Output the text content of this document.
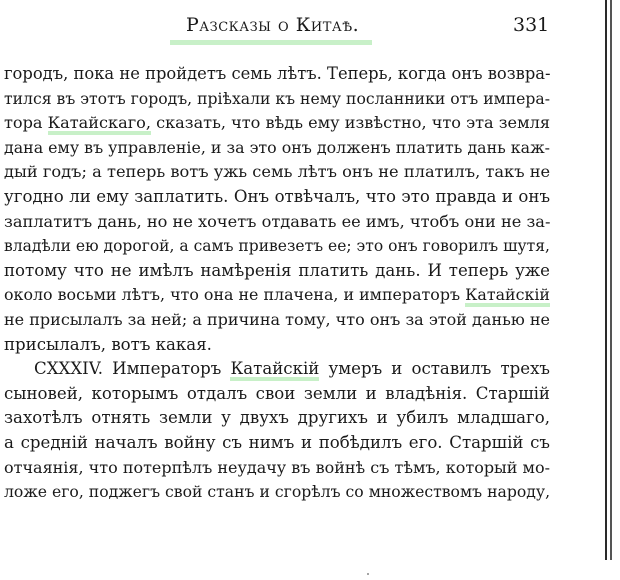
Разсказы о Китаѣ.	331
городъ, пока не пройдетъ семь лѣтъ. Теперь, когда онъ возвра-
тился въ этотъ городъ, пріѣхали къ нему посланники отъ импера-
тора Катайскаго, сказать, что вѣдь ему извѣстно, что эта земля
дана ему въ управленіе, и за это онъ долженъ платить дань каж-
дый годъ; а теперь вотъ ужь семь лѣтъ онъ не платилъ, такъ не
угодно ли ему заплатить. Онъ отвѣчалъ, что это правда и онъ
заплатитъ дань, но не хочетъ отдавать ее имъ, чтобъ они не за-
владѣли ею дорогой, а самъ привезетъ ее; это онъ говорилъ шутя,
потому что не имѣлъ намѣренія платить дань. И теперь уже
около восьми лѣтъ, что она не плачена, и императоръ Катайскій
не присылалъ за ней; а причина тому, что онъ за этой данью не
присылалъ, вотъ какая.
CXXXIV. Императоръ Катайскій умеръ и оставилъ трехъ
сыновей, которымъ отдалъ свои земли и владѣнія. Старшій
захотѣлъ отнять земли у двухъ другихъ и убилъ младшаго,
а средній началъ войну съ нимъ и побѣдилъ его. Старшій съ
отчаянія, что потерпѣлъ неудачу въ войнѣ съ тѣмъ, который мо-
ложе его, поджегъ свой станъ и сгорѣлъ со множествомъ народу,
